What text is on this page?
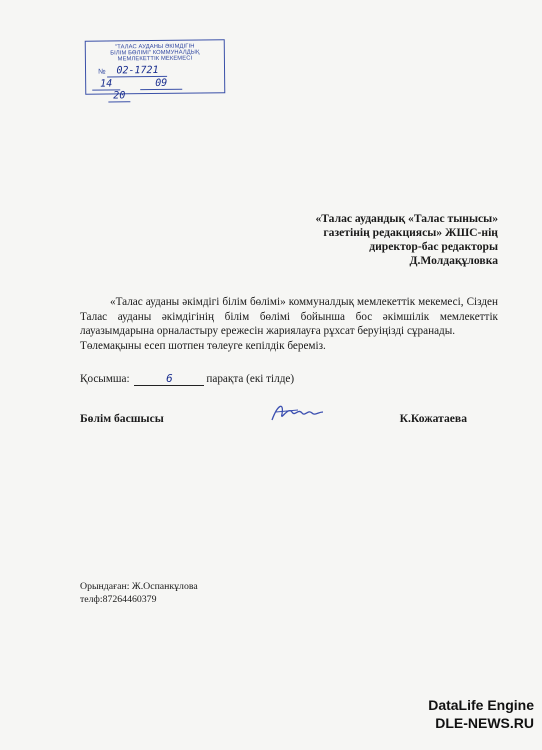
"ТАЛАС АУДАНЫ ӘКІМДІГІН
БІЛІМ БӨЛІМІ" КОММУНАЛДЫҚ
МЕМЛЕКЕТТІК МЕКЕМЕСІ
№ 02-1721
14	09 20
«Талас аудандық «Талас тынысы»
газетінің редакциясы» ЖШС-нің
директор-бас редакторы
Д.Молдақұловка

«Талас ауданы әкімдігі білім бөлімі» коммуналдық мемлекеттік мекемесі, Сізден Талас ауданы әкімдігінің білім бөлімі бойынша бос әкімшілік мемлекеттік лауазымдарына орналастыру ережесін жариялауға рұхсат беруіңізді сұранады.

Төлемақыны есеп шотпен төлеуге кепілдік береміз.

Қосымша:	6	парақта (екі тілде)
Бөлім басшысы	К.Кожатаева
Орындаған: Ж.Оспанкұлова
телф:87264460379
DataLife Engine
DLE-NEWS.RU
